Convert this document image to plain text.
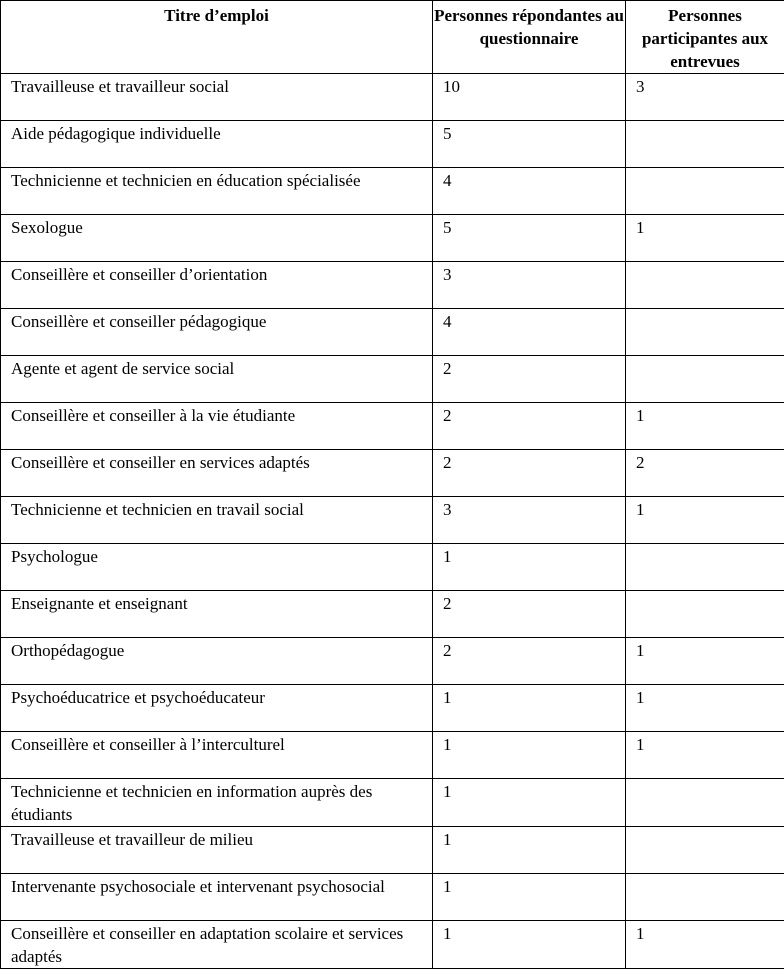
Titre d’emploi	Personnes répondantes au questionnaire	Personnes participantes aux entrevues
Travailleuse et travailleur social	10	3
Aide pédagogique individuelle	5	
Technicienne et technicien en éducation spécialisée	4	
Sexologue	5	1
Conseillère et conseiller d’orientation	3	
Conseillère et conseiller pédagogique	4	
Agente et agent de service social	2	
Conseillère et conseiller à la vie étudiante	2	1
Conseillère et conseiller en services adaptés	2	2
Technicienne et technicien en travail social	3	1
Psychologue	1	
Enseignante et enseignant	2	
Orthopédagogue	2	1
Psychoéducatrice et psychoéducateur	1	1
Conseillère et conseiller à l’interculturel	1	1
Technicienne et technicien en information auprès des étudiants	1	
Travailleuse et travailleur de milieu	1	
Intervenante psychosociale et intervenant psychosocial	1	
Conseillère et conseiller en adaptation scolaire et services adaptés	1	1
